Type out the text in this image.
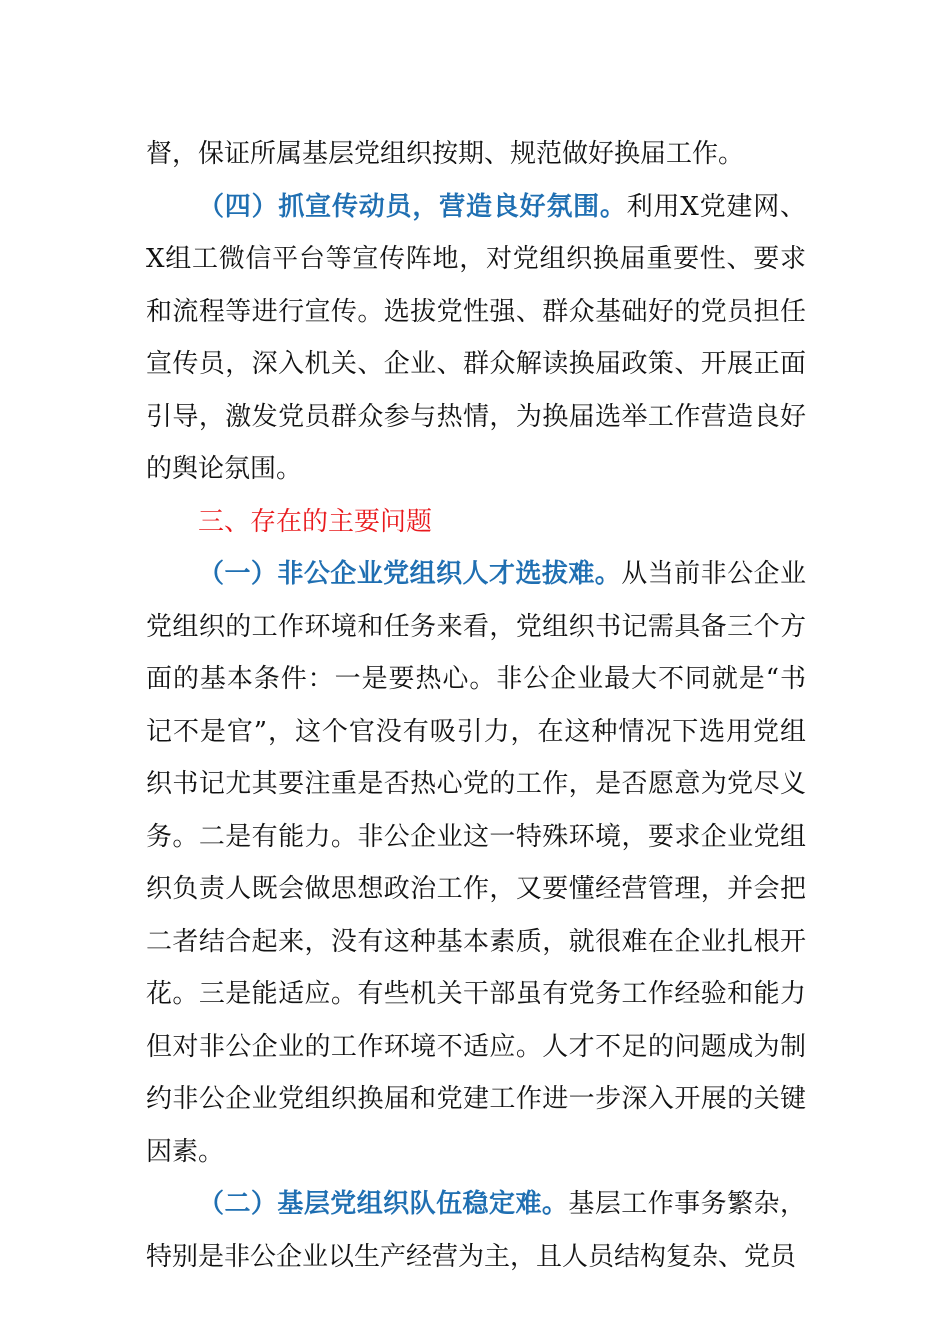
督，保证所属基层党组织按期、规范做好换届工作。

（四）抓宣传动员，营造良好氛围。利用X党建网、X组工微信平台等宣传阵地，对党组织换届重要性、要求和流程等进行宣传。选拔党性强、群众基础好的党员担任宣传员，深入机关、企业、群众解读换届政策、开展正面引导，激发党员群众参与热情，为换届选举工作营造良好的舆论氛围。

三、存在的主要问题

（一）非公企业党组织人才选拔难。从当前非公企业党组织的工作环境和任务来看，党组织书记需具备三个方面的基本条件：一是要热心。非公企业最大不同就是“书记不是官”，这个官没有吸引力，在这种情况下选用党组织书记尤其要注重是否热心党的工作，是否愿意为党尽义务。二是有能力。非公企业这一特殊环境，要求企业党组织负责人既会做思想政治工作，又要懂经营管理，并会把二者结合起来，没有这种基本素质，就很难在企业扎根开花。三是能适应。有些机关干部虽有党务工作经验和能力但对非公企业的工作环境不适应。人才不足的问题成为制约非公企业党组织换届和党建工作进一步深入开展的关键因素。

（二）基层党组织队伍稳定难。基层工作事务繁杂，特别是非公企业以生产经营为主，且人员结构复杂、党员
